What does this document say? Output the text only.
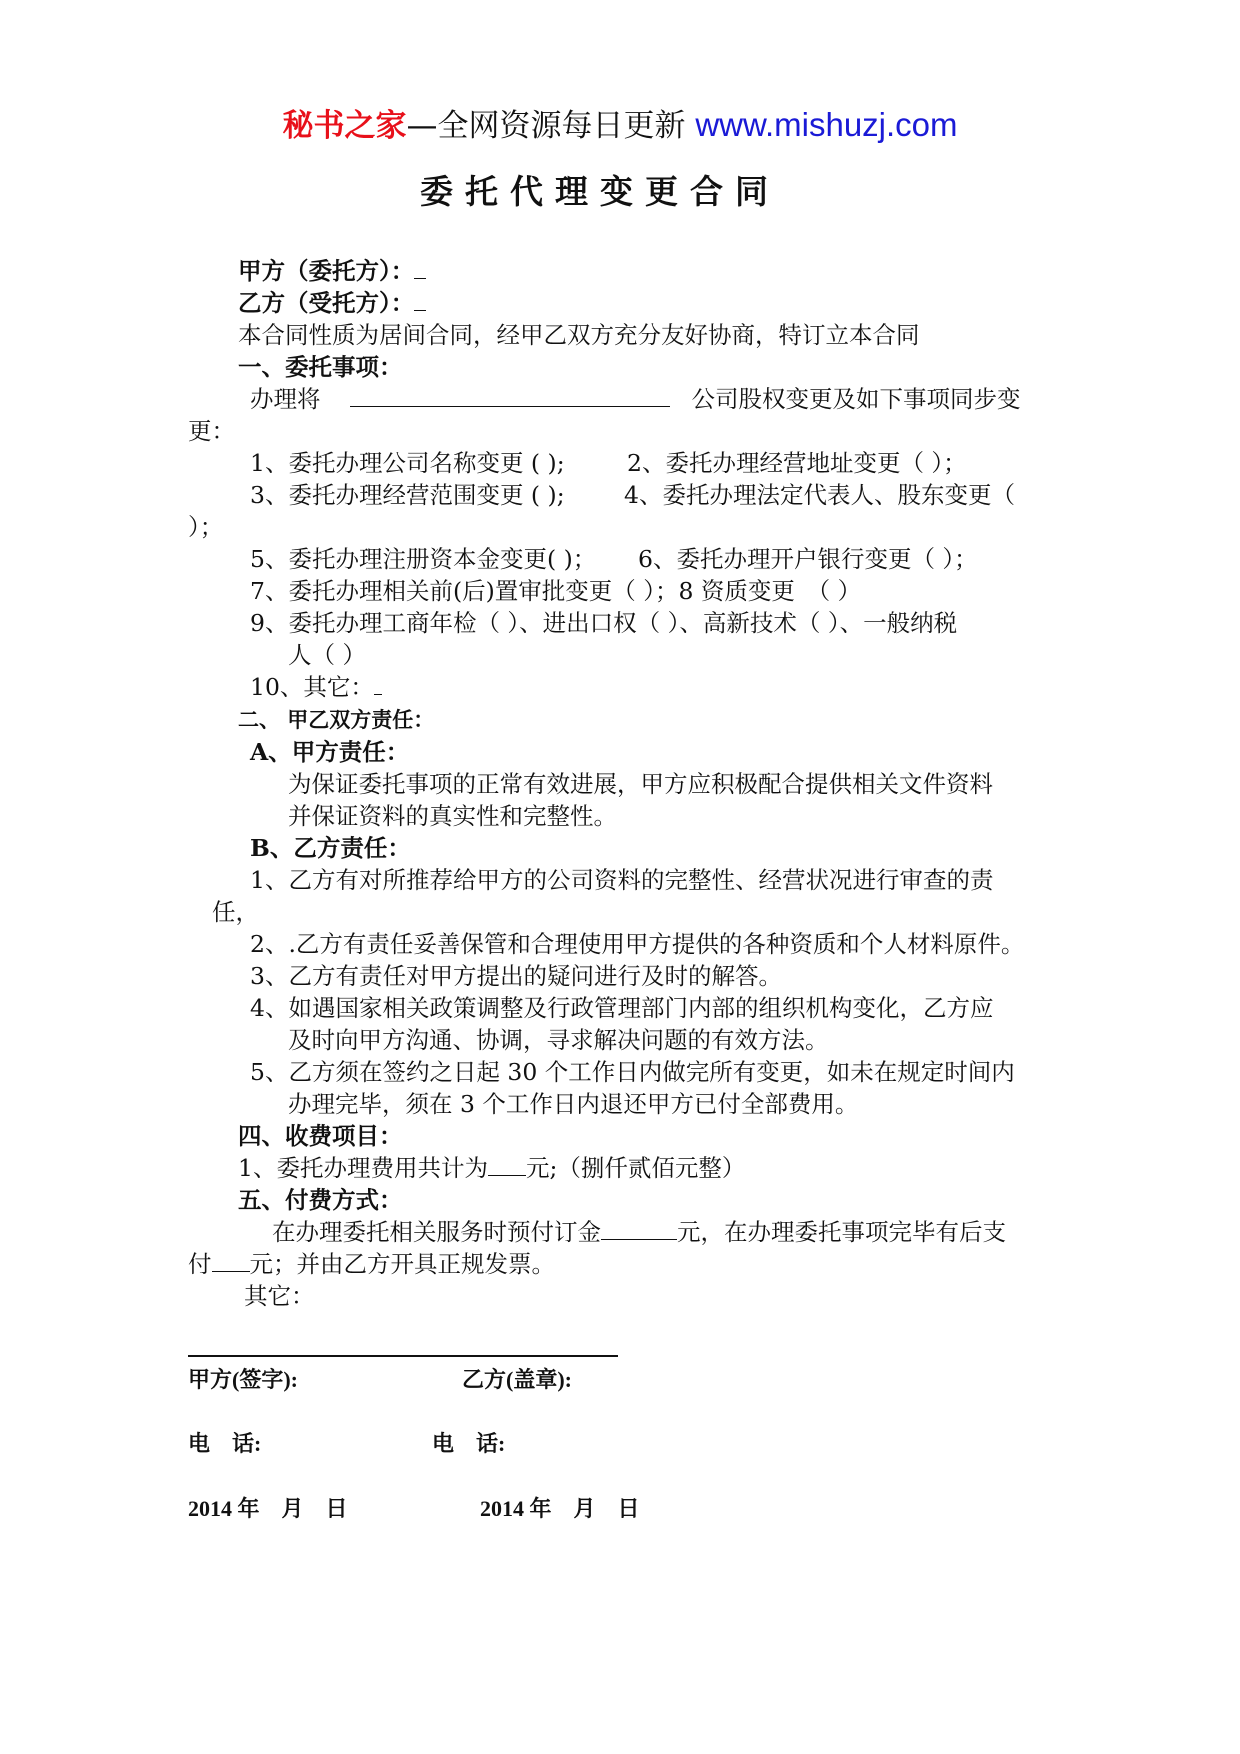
秘书之家—全网资源每日更新 www.mishuzj.com
委托代理变更合同
甲方（委托方）：
乙方（受托方）：
本合同性质为居间合同，经甲乙双方充分友好协商，特订立本合同
一、委托事项：
办理将	公司股权变更及如下事项同步变
更：
1、委托办理公司名称变更 ( );	2、委托办理经营地址变更（ ）；
3、委托办理经营范围变更 ( );	4、委托办理法定代表人、股东变更（
）；
5、委托办理注册资本金变更( )； 6、委托办理开户银行变更（ ）；
7、委托办理相关前(后)置审批变更（ ）；8 资质变更　（ ）
9、委托办理工商年检（ ）、进出口权（ ）、高新技术（ ）、一般纳税
人（ ）
10、其它：
二、 甲乙双方责任：
A、甲方责任：
为保证委托事项的正常有效进展，甲方应积极配合提供相关文件资料
并保证资料的真实性和完整性。
B、乙方责任：
1、乙方有对所推荐给甲方的公司资料的完整性、经营状况进行审查的责
任，
2、.乙方有责任妥善保管和合理使用甲方提供的各种资质和个人材料原件。
3、乙方有责任对甲方提出的疑问进行及时的解答。
4、如遇国家相关政策调整及行政管理部门内部的组织机构变化，乙方应
及时向甲方沟通、协调，寻求解决问题的有效方法。
5、乙方须在签约之日起 30 个工作日内做完所有变更，如未在规定时间内
办理完毕，须在 3 个工作日内退还甲方已付全部费用。
四、收费项目：
1、委托办理费用共计为 元;（捌仟贰佰元整）
五、付费方式：
在办理委托相关服务时预付订金	元，在办理委托事项完毕有后支
付 元；并由乙方开具正规发票。
其它：
甲方(签字):	乙方(盖章):
电　话:	电　话:
2014 年　月　日	2014 年　月　日
